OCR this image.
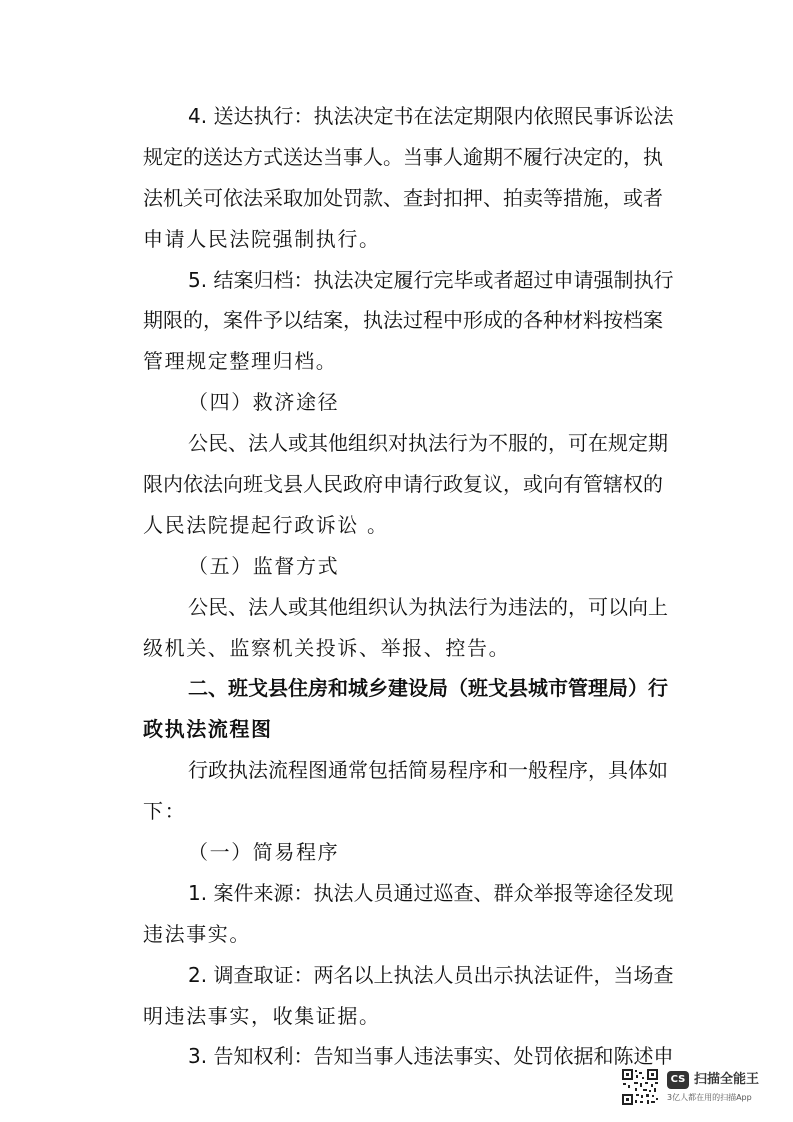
4. 送达执行：执法决定书在法定期限内依照民事诉讼法
规定的送达方式送达当事人。当事人逾期不履行决定的，执
法机关可依法采取加处罚款、查封扣押、拍卖等措施，或者
申请人民法院强制执行。
5. 结案归档：执法决定履行完毕或者超过申请强制执行
期限的，案件予以结案，执法过程中形成的各种材料按档案
管理规定整理归档。
（四）救济途径
公民、法人或其他组织对执法行为不服的，可在规定期
限内依法向班戈县人民政府申请行政复议，或向有管辖权的
人民法院提起行政诉讼 。
（五）监督方式
公民、法人或其他组织认为执法行为违法的，可以向上
级机关、监察机关投诉、举报、控告。
二、班戈县住房和城乡建设局（班戈县城市管理局）行
政执法流程图
行政执法流程图通常包括简易程序和一般程序，具体如
下：
（一）简易程序
1. 案件来源：执法人员通过巡查、群众举报等途径发现
违法事实。
2. 调查取证：两名以上执法人员出示执法证件，当场查
明违法事实，收集证据。
3. 告知权利：告知当事人违法事实、处罚依据和陈述申
CS 扫描全能王
3亿人都在用的扫描App
